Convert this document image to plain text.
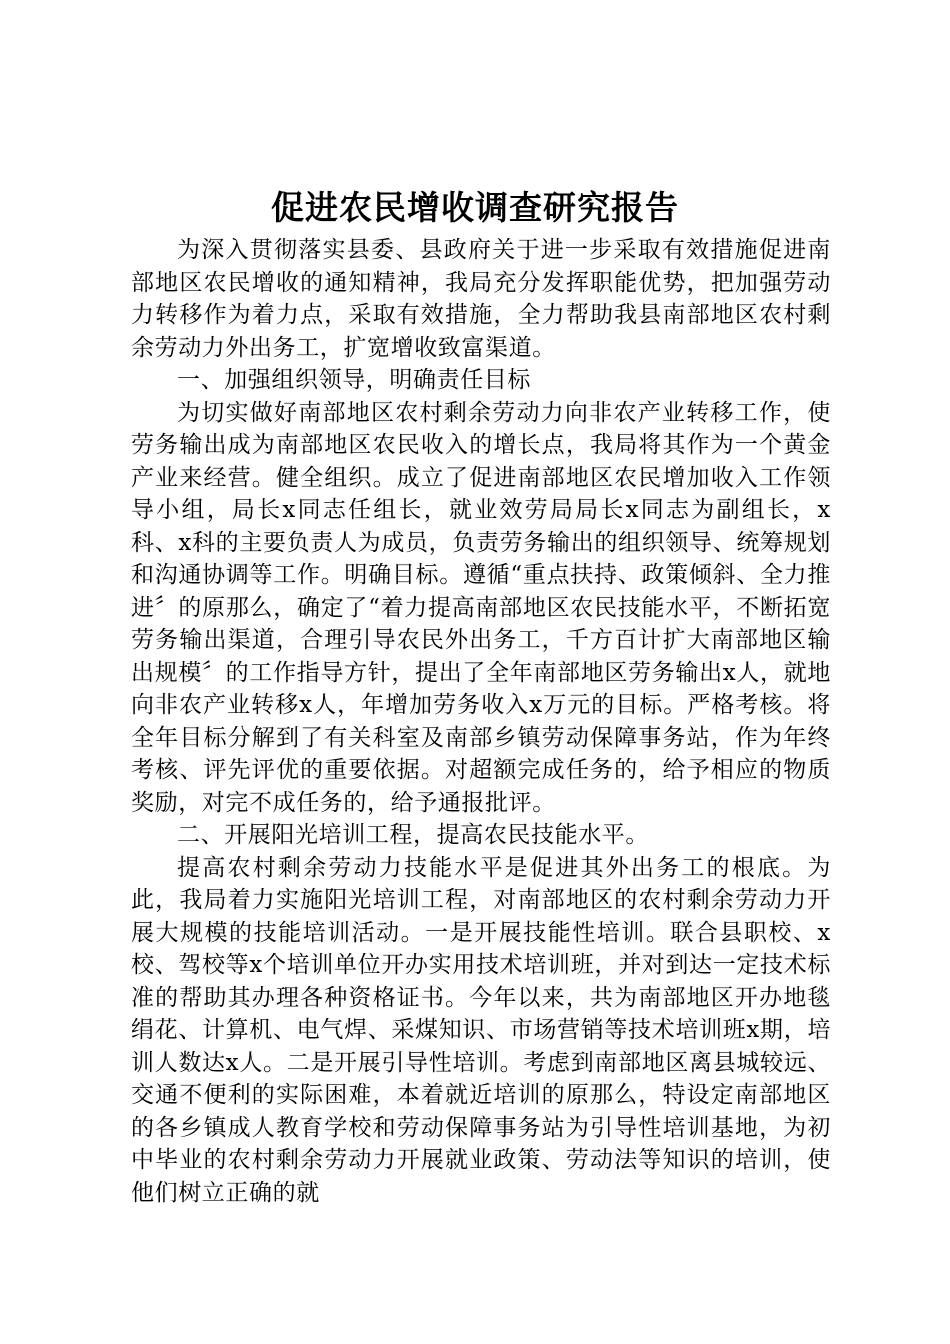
促进农民增收调查研究报告

为深入贯彻落实县委、县政府关于进一步采取有效措施促进南部地区农民增收的通知精神，我局充分发挥职能优势，把加强劳动力转移作为着力点，采取有效措施，全力帮助我县南部地区农村剩余劳动力外出务工，扩宽增收致富渠道。

一、加强组织领导，明确责任目标

为切实做好南部地区农村剩余劳动力向非农产业转移工作，使劳务输出成为南部地区农民收入的增长点，我局将其作为一个黄金产业来经营。健全组织。成立了促进南部地区农民增加收入工作领导小组，局长x同志任组长，就业效劳局局长x同志为副组长，x科、x科的主要负责人为成员，负责劳务输出的组织领导、统筹规划和沟通协调等工作。明确目标。遵循“重点扶持、政策倾斜、全力推进〞的原那么，确定了“着力提高南部地区农民技能水平，不断拓宽劳务输出渠道，合理引导农民外出务工，千方百计扩大南部地区输出规模〞的工作指导方针，提出了全年南部地区劳务输出x人，就地向非农产业转移x人，年增加劳务收入x万元的目标。严格考核。将全年目标分解到了有关科室及南部乡镇劳动保障事务站，作为年终考核、评先评优的重要依据。对超额完成任务的，给予相应的物质奖励，对完不成任务的，给予通报批评。

二、开展阳光培训工程，提高农民技能水平。

提高农村剩余劳动力技能水平是促进其外出务工的根底。为此，我局着力实施阳光培训工程，对南部地区的农村剩余劳动力开展大规模的技能培训活动。一是开展技能性培训。联合县职校、x校、驾校等x个培训单位开办实用技术培训班，并对到达一定技术标准的帮助其办理各种资格证书。今年以来，共为南部地区开办地毯绢花、计算机、电气焊、采煤知识、市场营销等技术培训班x期，培训人数达x人。二是开展引导性培训。考虑到南部地区离县城较远、交通不便利的实际困难，本着就近培训的原那么，特设定南部地区的各乡镇成人教育学校和劳动保障事务站为引导性培训基地，为初中毕业的农村剩余劳动力开展就业政策、劳动法等知识的培训，使他们树立正确的就
